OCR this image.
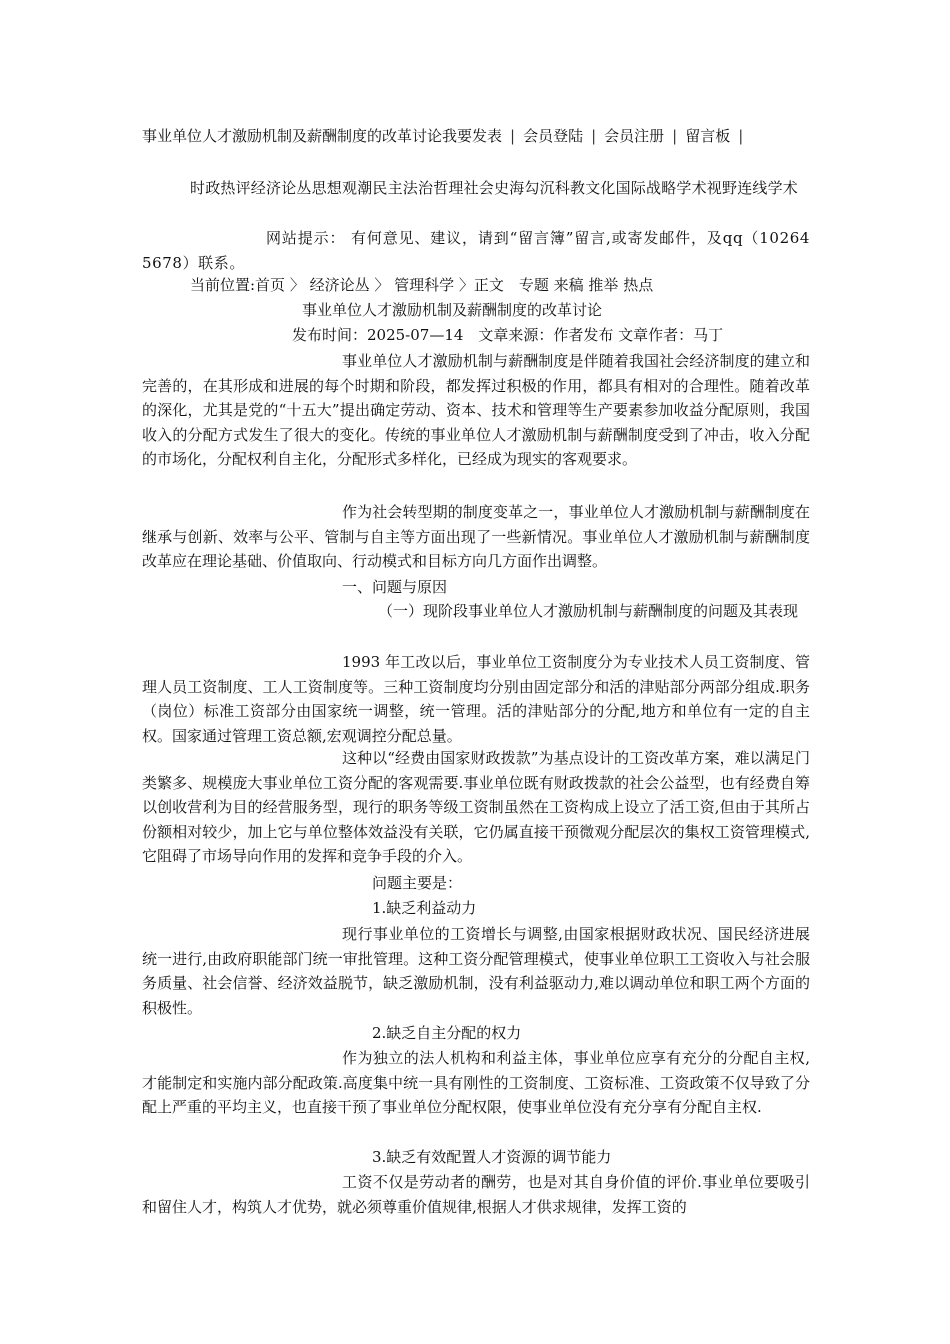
事业单位人才激励机制及薪酬制度的改革讨论我要发表 | 会员登陆 | 会员注册 | 留言板 |

时政热评经济论丛思想观潮民主法治哲理社会史海勾沉科教文化国际战略学术视野连线学术

网站提示： 有何意见、建议，请到“留言簿”留言,或寄发邮件，及qq（102645678）联系。

当前位置:首页 〉 经济论丛 〉 管理科学 〉正文　专题 来稿 推举 热点

事业单位人才激励机制及薪酬制度的改革讨论

发布时间：2025-07—14　文章来源：作者发布 文章作者：马丁

事业单位人才激励机制与薪酬制度是伴随着我国社会经济制度的建立和完善的，在其形成和进展的每个时期和阶段，都发挥过积极的作用，都具有相对的合理性。随着改革的深化，尤其是党的“十五大”提出确定劳动、资本、技术和管理等生产要素参加收益分配原则，我国收入的分配方式发生了很大的变化。传统的事业单位人才激励机制与薪酬制度受到了冲击，收入分配的市场化，分配权利自主化，分配形式多样化，已经成为现实的客观要求。

作为社会转型期的制度变革之一，事业单位人才激励机制与薪酬制度在继承与创新、效率与公平、管制与自主等方面出现了一些新情况。事业单位人才激励机制与薪酬制度改革应在理论基础、价值取向、行动模式和目标方向几方面作出调整。

一、问题与原因

（一）现阶段事业单位人才激励机制与薪酬制度的问题及其表现

1993 年工改以后，事业单位工资制度分为专业技术人员工资制度、管理人员工资制度、工人工资制度等。三种工资制度均分别由固定部分和活的津贴部分两部分组成.职务（岗位）标准工资部分由国家统一调整，统一管理。活的津贴部分的分配,地方和单位有一定的自主权。国家通过管理工资总额,宏观调控分配总量。

这种以“经费由国家财政拨款”为基点设计的工资改革方案，难以满足门类繁多、规模庞大事业单位工资分配的客观需要.事业单位既有财政拨款的社会公益型，也有经费自筹以创收营利为目的经营服务型，现行的职务等级工资制虽然在工资构成上设立了活工资,但由于其所占份额相对较少，加上它与单位整体效益没有关联，它仍属直接干预微观分配层次的集权工资管理模式,它阻碍了市场导向作用的发挥和竞争手段的介入。

问题主要是：

1.缺乏利益动力

现行事业单位的工资增长与调整,由国家根据财政状况、国民经济进展统一进行,由政府职能部门统一审批管理。这种工资分配管理模式，使事业单位职工工资收入与社会服务质量、社会信誉、经济效益脱节，缺乏激励机制，没有利益驱动力,难以调动单位和职工两个方面的积极性。

2.缺乏自主分配的权力

作为独立的法人机构和利益主体，事业单位应享有充分的分配自主权,才能制定和实施内部分配政策.高度集中统一具有刚性的工资制度、工资标准、工资政策不仅导致了分配上严重的平均主义，也直接干预了事业单位分配权限，使事业单位没有充分享有分配自主权.

3.缺乏有效配置人才资源的调节能力

工资不仅是劳动者的酬劳，也是对其自身价值的评价.事业单位要吸引和留住人才，构筑人才优势，就必须尊重价值规律,根据人才供求规律，发挥工资的
